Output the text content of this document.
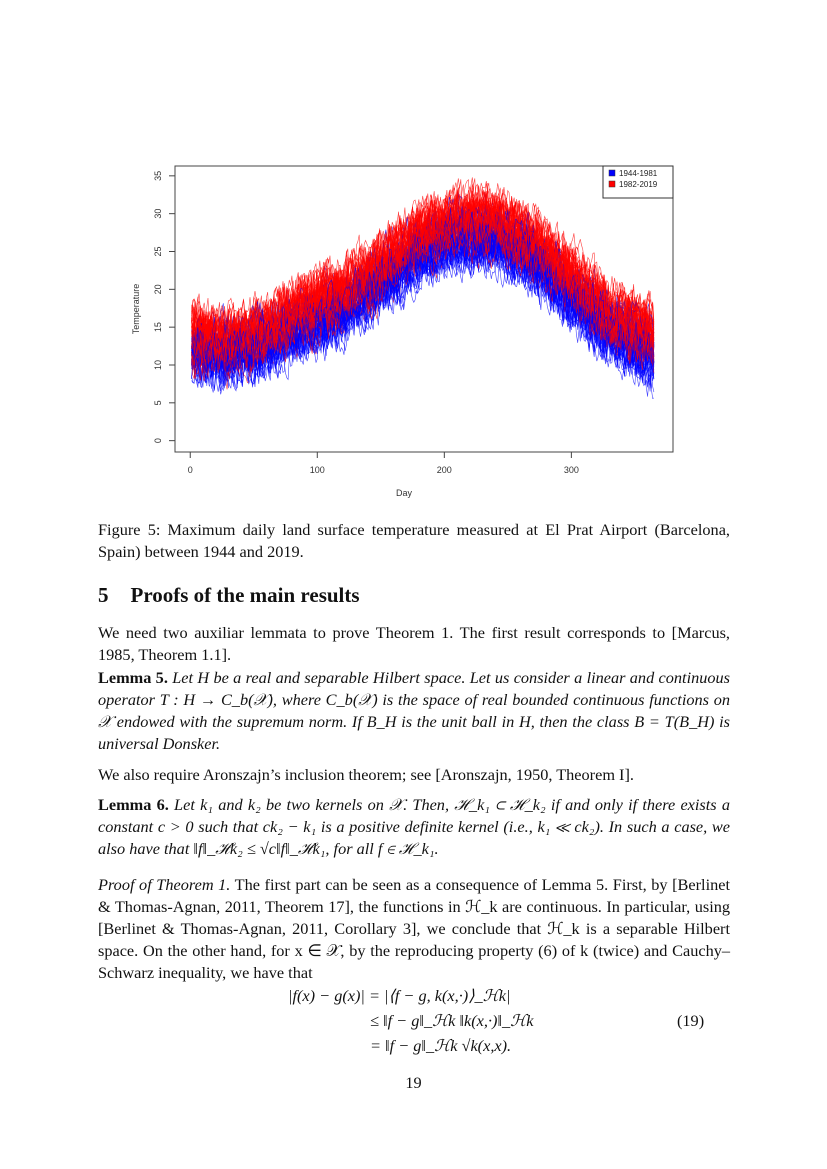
0	100	200	300
0
5
10
15
20
25
30
35
Day
Temperature
1944-1981
1982-2019
Figure 5: Maximum daily land surface temperature measured at El Prat Airport (Barcelona, Spain) between 1944 and 2019.
5 Proofs of the main results
We need two auxiliar lemmata to prove Theorem 1. The first result corresponds to [Marcus, 1985, Theorem 1.1].
Lemma 5. Let H be a real and separable Hilbert space. Let us consider a linear and continuous operator T : H → C_b(𝒳), where C_b(𝒳) is the space of real bounded continuous functions on 𝒳 endowed with the supremum norm. If B_H is the unit ball in H, then the class B = T(B_H) is universal Donsker.
We also require Aronszajn’s inclusion theorem; see [Aronszajn, 1950, Theorem I].
Lemma 6. Let k₁ and k₂ be two kernels on 𝒳. Then, ℋ_k₁ ⊂ ℋ_k₂ if and only if there exists a constant c > 0 such that ck₂ − k₁ is a positive definite kernel (i.e., k₁ ≪ ck₂). In such a case, we also have that ‖f‖_ℋk₂ ≤ √c‖f‖_ℋk₁, for all f ∈ ℋ_k₁.
Proof of Theorem 1. The first part can be seen as a consequence of Lemma 5. First, by [Berlinet & Thomas-Agnan, 2011, Theorem 17], the functions in ℋ_k are continuous. In particular, using [Berlinet & Thomas-Agnan, 2011, Corollary 3], we conclude that ℋ_k is a separable Hilbert space. On the other hand, for x ∈ 𝒳, by the reproducing property (6) of k (twice) and Cauchy–Schwarz inequality, we have that
|f(x) − g(x)| = |⟨f − g, k(x,·)⟩_ℋk|
≤ ‖f − g‖_ℋk ‖k(x,·)‖_ℋk
= ‖f − g‖_ℋk √k(x,x).
(19)
19
